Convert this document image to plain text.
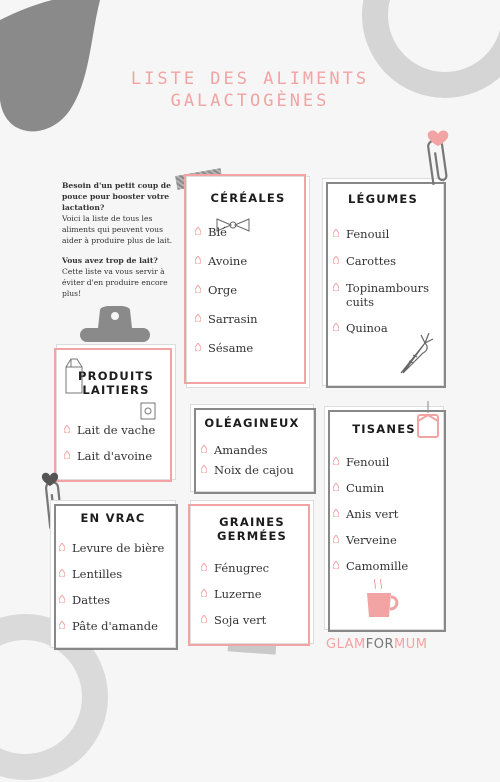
LISTE DES ALIMENTS
GALACTOGÈNES

Besoin d'un petit coup de pouce pour booster votre lactation?
Voici la liste de tous les aliments qui peuvent vous aider à produire plus de lait.

Vous avez trop de lait?
Cette liste va vous servir à éviter d'en produire encore plus!

CÉRÉALES
Blé
Avoine
Orge
Sarrasin
Sésame
LÉGUMES
Fenouil
Carottes
Topinambours cuits
Quinoa
PRODUITS
LAITIERS
Lait de vache
Lait d'avoine
OLÉAGINEUX
Amandes
Noix de cajou
TISANES
Fenouil
Cumin
Anis vert
Verveine
Camomille
EN VRAC
Levure de bière
Lentilles
Dattes
Pâte d'amande
GRAINES
GERMÉES
Fénugrec
Luzerne
Soja vert
GLAMFORMUM
